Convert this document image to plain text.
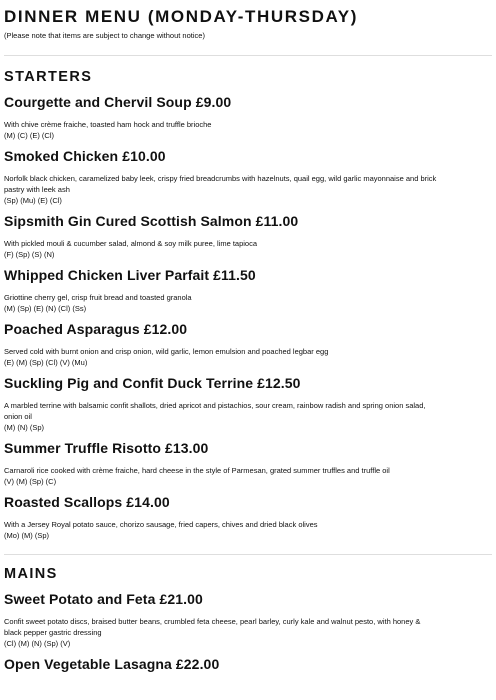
DINNER MENU (MONDAY-THURSDAY)

(Please note that items are subject to change without notice)

STARTERS
Courgette and Chervil Soup £9.00
With chive crème fraiche, toasted ham hock and truffle brioche
(M) (C) (E) (Cl)
Smoked Chicken £10.00
Norfolk black chicken, caramelized baby leek, crispy fried breadcrumbs with hazelnuts, quail egg, wild garlic mayonnaise and brick pastry with leek ash
(Sp) (Mu) (E) (Cl)
Sipsmith Gin Cured Scottish Salmon £11.00
With pickled mouli & cucumber salad, almond & soy milk puree, lime tapioca
(F) (Sp) (S) (N)
Whipped Chicken Liver Parfait £11.50
Griottine cherry gel, crisp fruit bread and toasted granola
(M) (Sp) (E) (N) (Cl) (Ss)
Poached Asparagus £12.00
Served cold with burnt onion and crisp onion, wild garlic, lemon emulsion and poached legbar egg
(E) (M) (Sp) (Cl) (V) (Mu)
Suckling Pig and Confit Duck Terrine £12.50
A marbled terrine with balsamic confit shallots, dried apricot and pistachios, sour cream, rainbow radish and spring onion salad, onion oil
(M) (N) (Sp)
Summer Truffle Risotto £13.00
Carnaroli rice cooked with crème fraiche, hard cheese in the style of Parmesan, grated summer truffles and truffle oil
(V) (M) (Sp) (C)
Roasted Scallops £14.00
With a Jersey Royal potato sauce, chorizo sausage, fried capers, chives and dried black olives
(Mo) (M) (Sp)
MAINS
Sweet Potato and Feta £21.00
Confit sweet potato discs, braised butter beans, crumbled feta cheese, pearl barley, curly kale and walnut pesto, with honey & black pepper gastric dressing
(Cl) (M) (N) (Sp) (V)
Open Vegetable Lasagna £22.00
